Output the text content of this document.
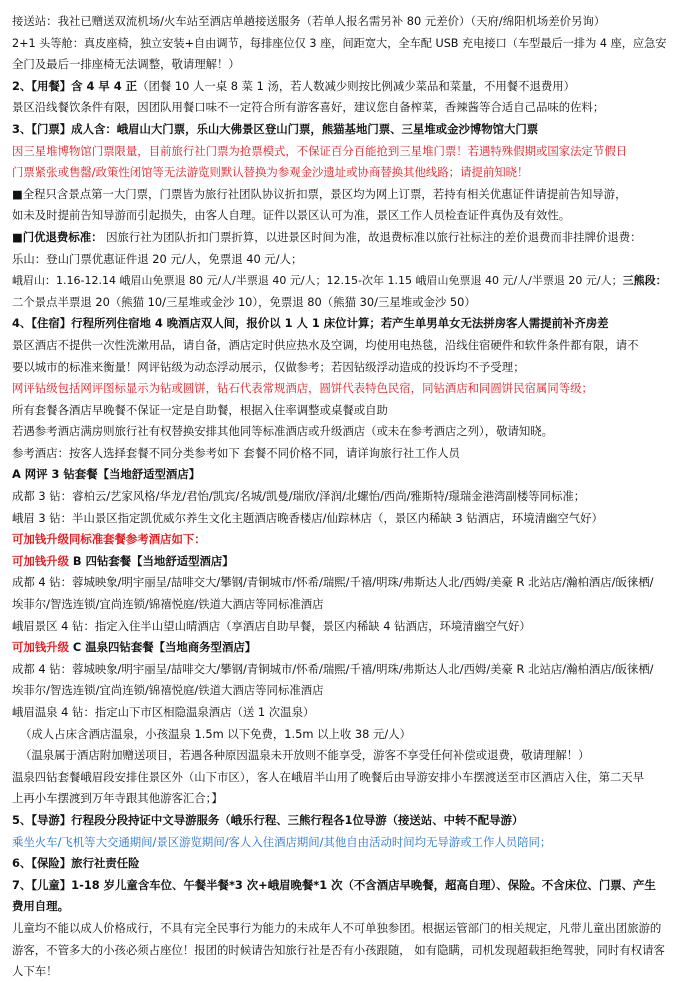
接送站：我社已赠送双流机场/火车站至酒店单趟接送服务（若单人报名需另补 80 元差价）（天府/绵阳机场差价另询）
2+1 头等舱：真皮座椅，独立安装+自由调节，每排座位仅 3 座，间距宽大，全车配 USB 充电接口（车型最后一排为 4 座，应急安
全门及最后一排座椅无法调整，敬请理解！）
2、【用餐】含 4 早 4 正（团餐 10 人一桌 8 菜 1 汤，若人数减少则按比例减少菜品和菜量，不用餐不退费用）
景区沿线餐饮条件有限，因团队用餐口味不一定符合所有游客喜好，建议您自备榨菜，香辣酱等合适自己品味的佐料；
3、【门票】成人含：峨眉山大门票，乐山大佛景区登山门票，熊猫基地门票、三星堆或金沙博物馆大门票
因三星堆博物馆门票限量，目前旅行社门票为抢票模式，不保证百分百能抢到三星堆门票！若遇特殊假期或国家法定节假日
门票紧张或售罄/政策性闭馆等无法游览则默认替换为参观金沙遗址或协商替换其他线路；请提前知晓！
■全程只含景点第一大门票，门票皆为旅行社团队协议折扣票，景区均为网上订票，若持有相关优惠证件请提前告知导游，
如未及时提前告知导游而引起损失，由客人自理。证件以景区认可为准，景区工作人员检查证件真伪及有效性。
■门优退费标准： 因旅行社为团队折扣门票折算，以进景区时间为准，故退费标准以旅行社标注的差价退费而非挂牌价退费：
乐山：登山门票优惠证件退 20 元/人，免票退 40 元/人；
峨眉山：1.16-12.14 峨眉山免票退 80 元/人/半票退 40 元/人；12.15-次年 1.15 峨眉山免票退 40 元/人/半票退 20 元/人；三熊段：
二个景点半票退 20（熊猫 10/三星堆或金沙 10），免票退 80（熊猫 30/三星堆或金沙 50）
4、【住宿】行程所列住宿地 4 晚酒店双人间，报价以 1 人 1 床位计算；若产生单男单女无法拼房客人需提前补齐房差
景区酒店不提供一次性洗漱用品，请自备，酒店定时供应热水及空调，均使用电热毯，沿线住宿硬件和软件条件都有限，请不
要以城市的标准来衡量！网评钻级为动态浮动展示，仅做参考；若因钻级浮动造成的投诉均不予受理；
网评钻级包括网评图标显示为钻或圆饼，钻石代表常规酒店，圆饼代表特色民宿，同钻酒店和同圆饼民宿属同等级；
所有套餐各酒店早晚餐不保证一定是自助餐，根据入住率调整或桌餐或自助
若遇参考酒店满房则旅行社有权替换安排其他同等标准酒店或升级酒店（或未在参考酒店之列），敬请知晓。
参考酒店：按客人选择套餐不同分类参考如下 套餐不同价格不同，请详询旅行社工作人员
A 网评 3 钻套餐【当地舒适型酒店】
成都 3 钻：睿柏云/艺家风格/华龙/君怡/凯宾/名城/凯曼/瑞欣/泽润/北螺怡/西尚/雅斯特/璟瑞金港湾副楼等同标准；
峨眉 3 钻：半山景区指定凯优威尔养生文化主题酒店晚香楼店/仙踪林店（，景区内稀缺 3 钻酒店，环境清幽空气好）
可加钱升级同标准套餐参考酒店如下：
可加钱升级 B 四钻套餐【当地舒适型酒店】
成都 4 钻：蓉城映象/明宇丽呈/喆啡交大/攀钢/青铜城市/怀希/瑞熙/千禧/明珠/弗斯达人北/西姆/美豪 R 北站店/瀚柏酒店/皈徕栖/
埃菲尔/智选连锁/宜尚连锁/锦禧悦庭/铁道大酒店等同标准酒店
峨眉景区 4 钻：指定入住半山望山晴酒店（享酒店自助早餐，景区内稀缺 4 钻酒店，环境清幽空气好）
可加钱升级 C 温泉四钻套餐【当地商务型酒店】
成都 4 钻：蓉城映象/明宇丽呈/喆啡交大/攀钢/青铜城市/怀希/瑞熙/千禧/明珠/弗斯达人北/西姆/美豪 R 北站店/瀚柏酒店/皈徕栖/
埃菲尔/智选连锁/宜尚连锁/锦禧悦庭/铁道大酒店等同标准酒店
峨眉温泉 4 钻：指定山下市区相隐温泉酒店（送 1 次温泉）
（成人占床含酒店温泉，小孩温泉 1.5m 以下免费，1.5m 以上收 38 元/人）
（温泉属于酒店附加赠送项目，若遇各种原因温泉未开放则不能享受，游客不享受任何补偿或退费，敬请理解！）
温泉四钻套餐峨眉段安排住景区外（山下市区），客人在峨眉半山用了晚餐后由导游安排小车摆渡送至市区酒店入住，第二天早
上再小车摆渡到万年寺跟其他游客汇合；】
5、【导游】行程段分段持证中文导游服务（峨乐行程、三熊行程各1位导游（接送站、中转不配导游）
乘坐火车/飞机等大交通期间/景区游览期间/客人入住酒店期间/其他自由活动时间均无导游或工作人员陪同；
6、【保险】旅行社责任险
7、【儿童】1-18 岁儿童含车位、午餐半餐*3 次+峨眉晚餐*1 次（不含酒店早晚餐，超高自理）、保险。不含床位、门票、产生
费用自理。
儿童均不能以成人价格成行，不具有完全民事行为能力的未成年人不可单独参团。根据运管部门的相关规定，凡带儿童出团旅游的
游客，不管多大的小孩必须占座位！报团的时候请告知旅行社是否有小孩跟随， 如有隐瞒，司机发现超载拒绝驾驶，同时有权请客
人下车！
